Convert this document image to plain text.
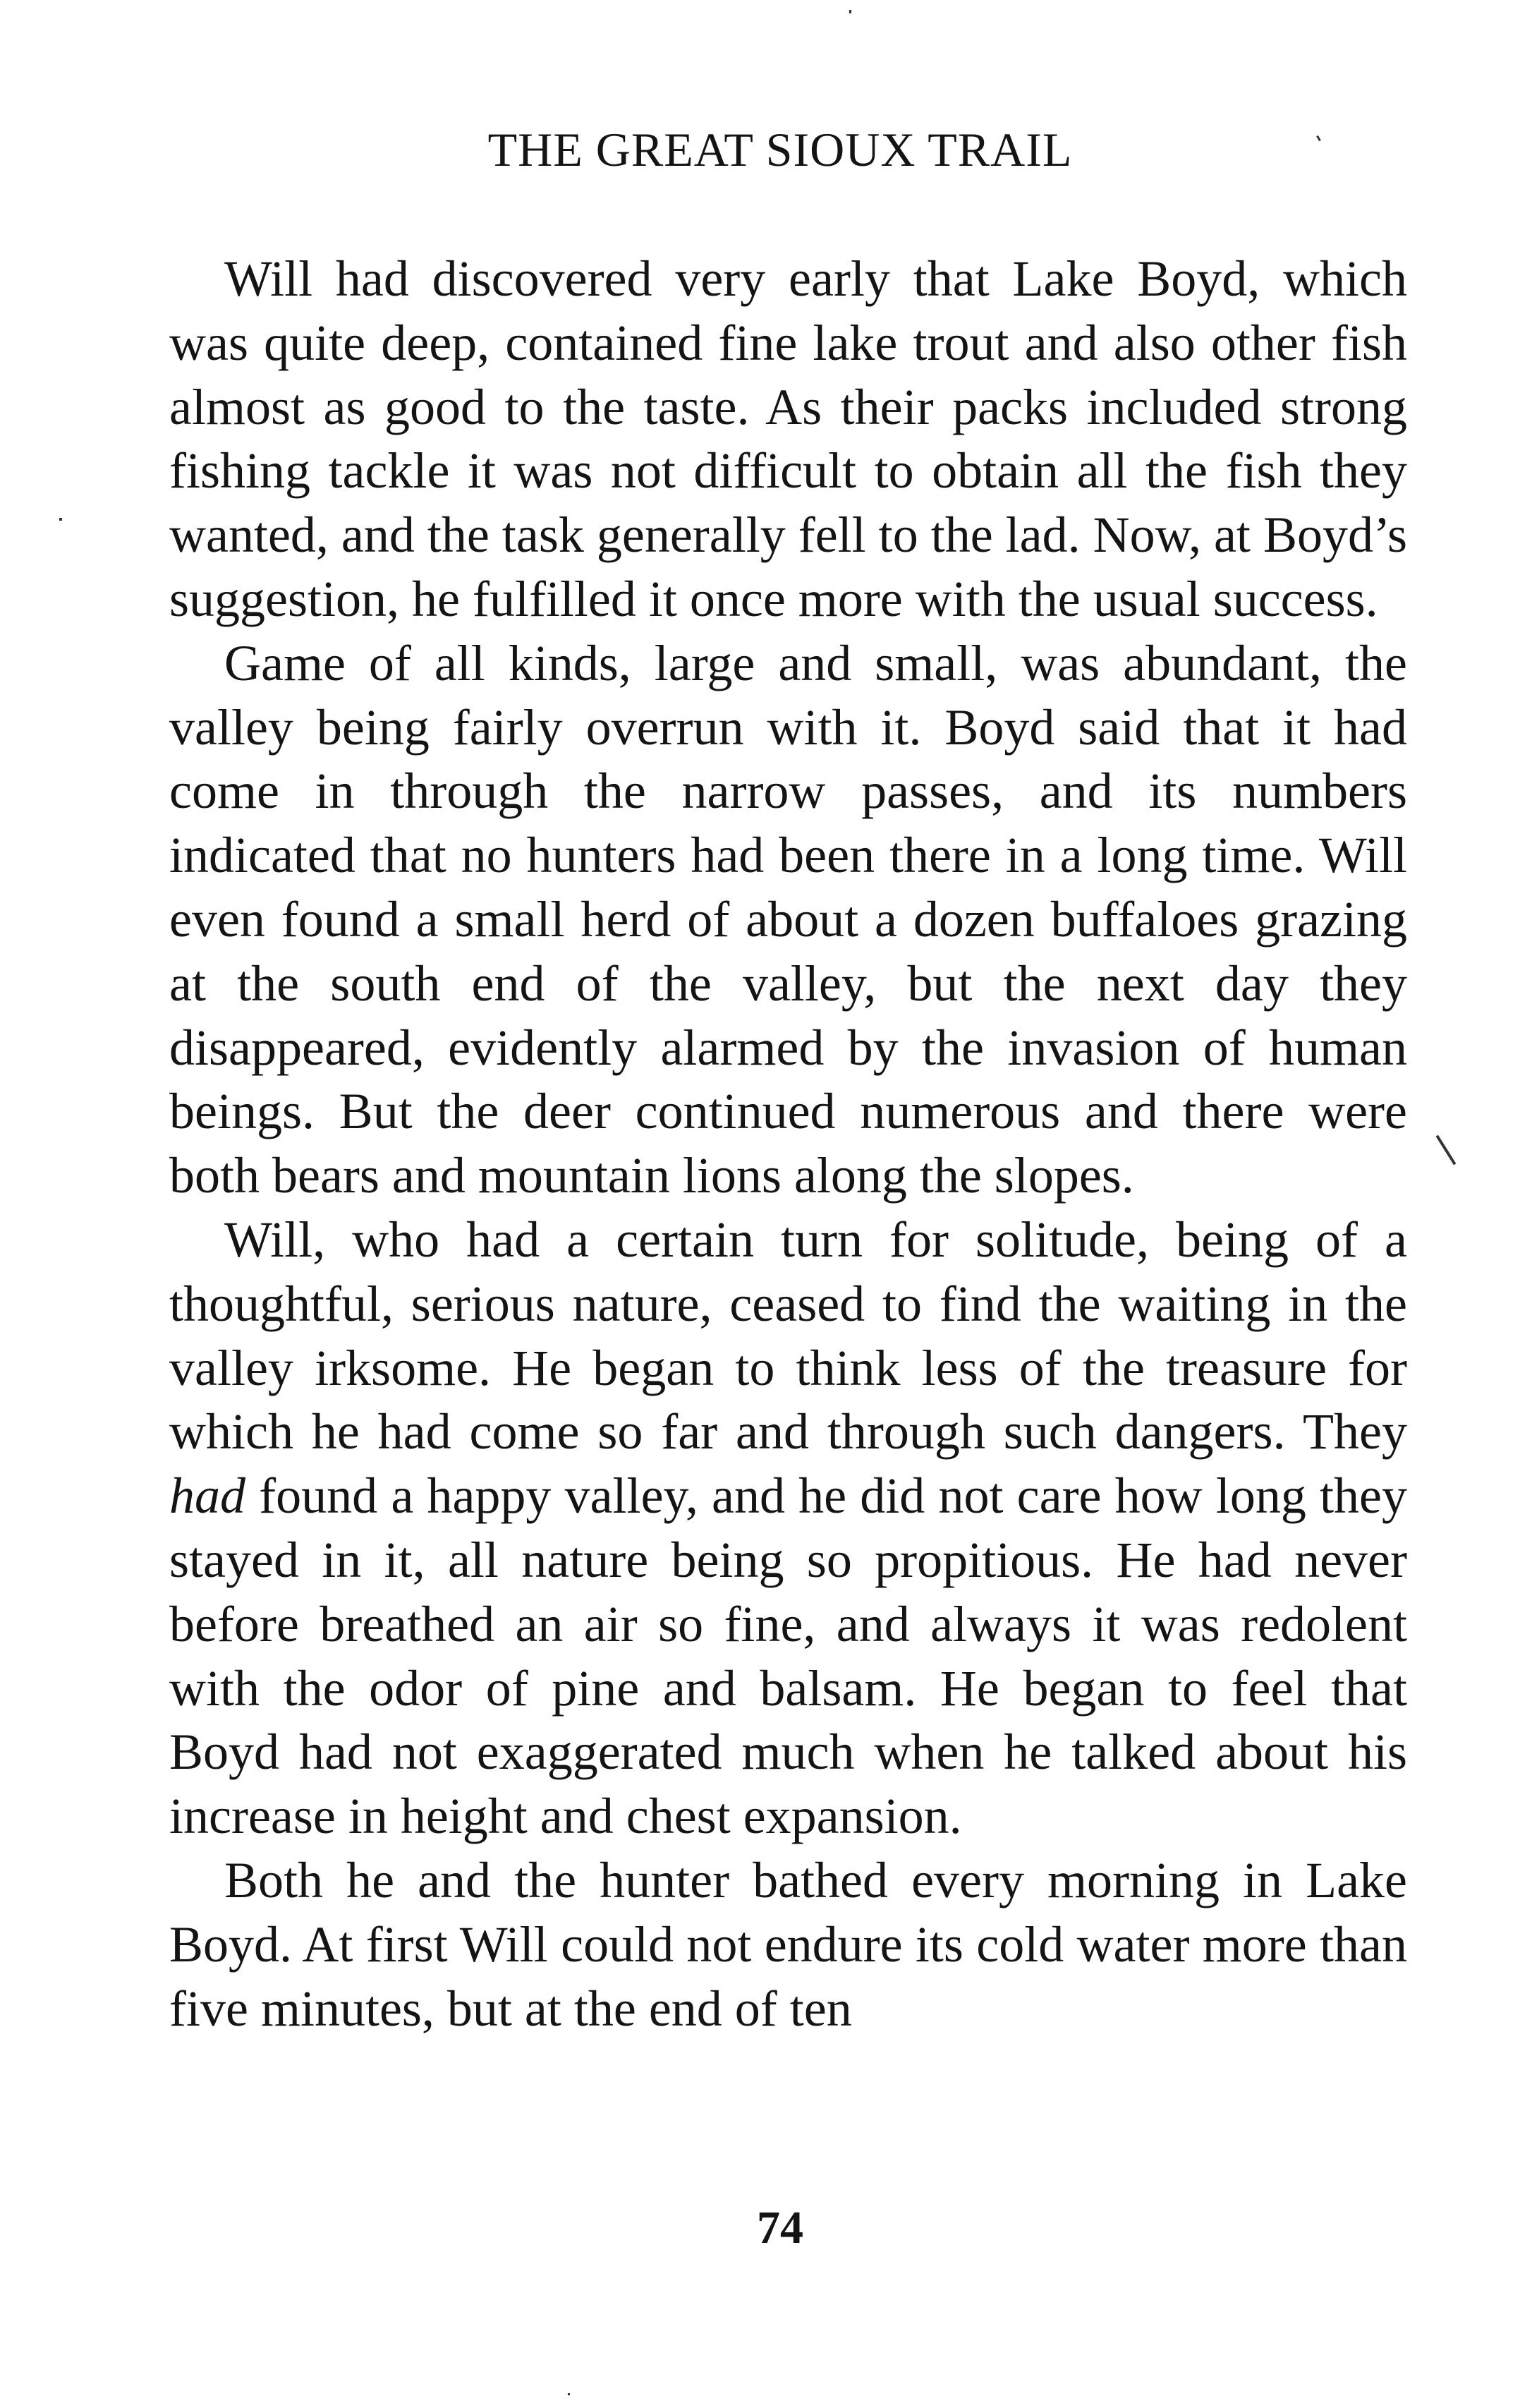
THE GREAT SIOUX TRAIL

Will had discovered very early that Lake Boyd, which was quite deep, contained fine lake trout and also other fish almost as good to the taste. As their packs included strong fishing tackle it was not difficult to obtain all the fish they wanted, and the task generally fell to the lad. Now, at Boyd’s suggestion, he fulfilled it once more with the usual success.

Game of all kinds, large and small, was abundant, the valley being fairly overrun with it. Boyd said that it had come in through the narrow passes, and its numbers indicated that no hunters had been there in a long time. Will even found a small herd of about a dozen buffaloes grazing at the south end of the valley, but the next day they disappeared, evidently alarmed by the invasion of human beings. But the deer continued numerous and there were both bears and mountain lions along the slopes.

Will, who had a certain turn for solitude, being of a thoughtful, serious nature, ceased to find the waiting in the valley irksome. He began to think less of the treasure for which he had come so far and through such dangers. They had found a happy valley, and he did not care how long they stayed in it, all nature being so propitious. He had never before breathed an air so fine, and always it was redolent with the odor of pine and balsam. He began to feel that Boyd had not exaggerated much when he talked about his increase in height and chest expansion.

Both he and the hunter bathed every morning in Lake Boyd. At first Will could not endure its cold water more than five minutes, but at the end of ten

74
